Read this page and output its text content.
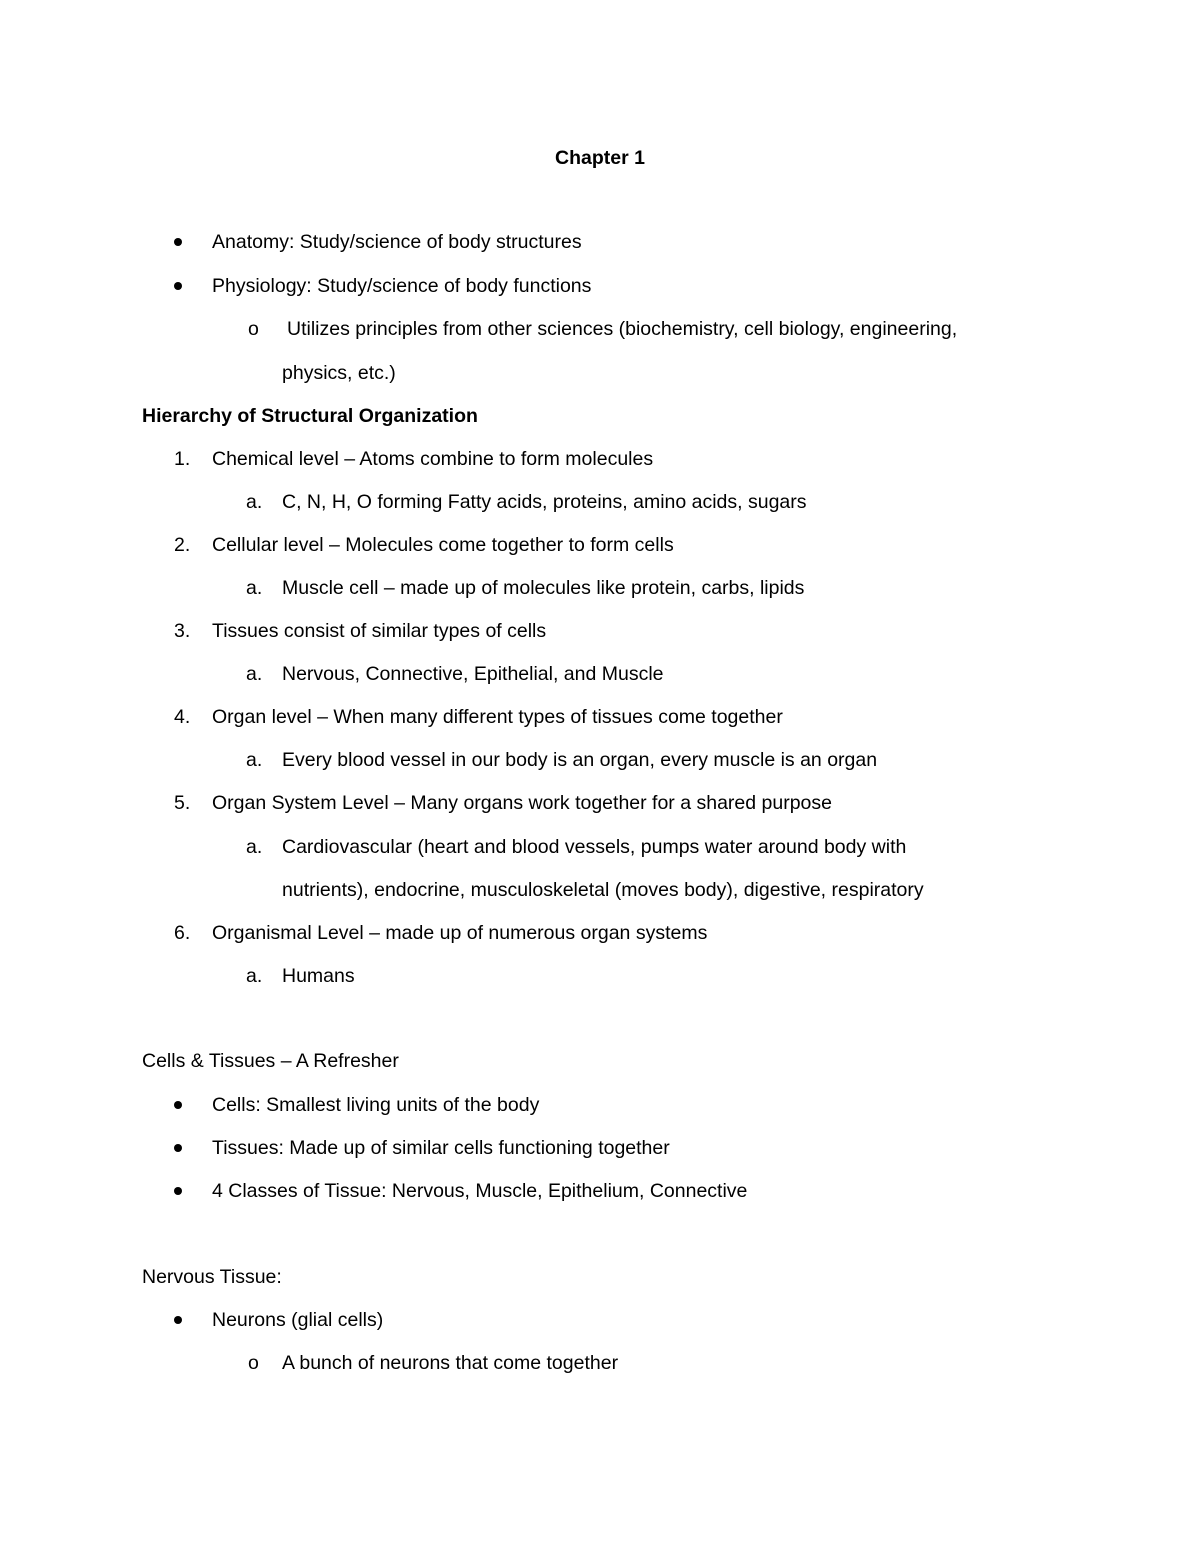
Chapter 1
Anatomy: Study/science of body structures
Physiology: Study/science of body functions
o Utilizes principles from other sciences (biochemistry, cell biology, engineering,
physics, etc.)
Hierarchy of Structural Organization
1. Chemical level – Atoms combine to form molecules
a. C, N, H, O forming Fatty acids, proteins, amino acids, sugars
2. Cellular level – Molecules come together to form cells
a. Muscle cell – made up of molecules like protein, carbs, lipids
3. Tissues consist of similar types of cells
a. Nervous, Connective, Epithelial, and Muscle
4. Organ level – When many different types of tissues come together
a. Every blood vessel in our body is an organ, every muscle is an organ
5. Organ System Level – Many organs work together for a shared purpose
a. Cardiovascular (heart and blood vessels, pumps water around body with
nutrients), endocrine, musculoskeletal (moves body), digestive, respiratory
6. Organismal Level – made up of numerous organ systems
a. Humans
Cells & Tissues – A Refresher
Cells: Smallest living units of the body
Tissues: Made up of similar cells functioning together
4 Classes of Tissue: Nervous, Muscle, Epithelium, Connective
Nervous Tissue:
Neurons (glial cells)
o A bunch of neurons that come together
